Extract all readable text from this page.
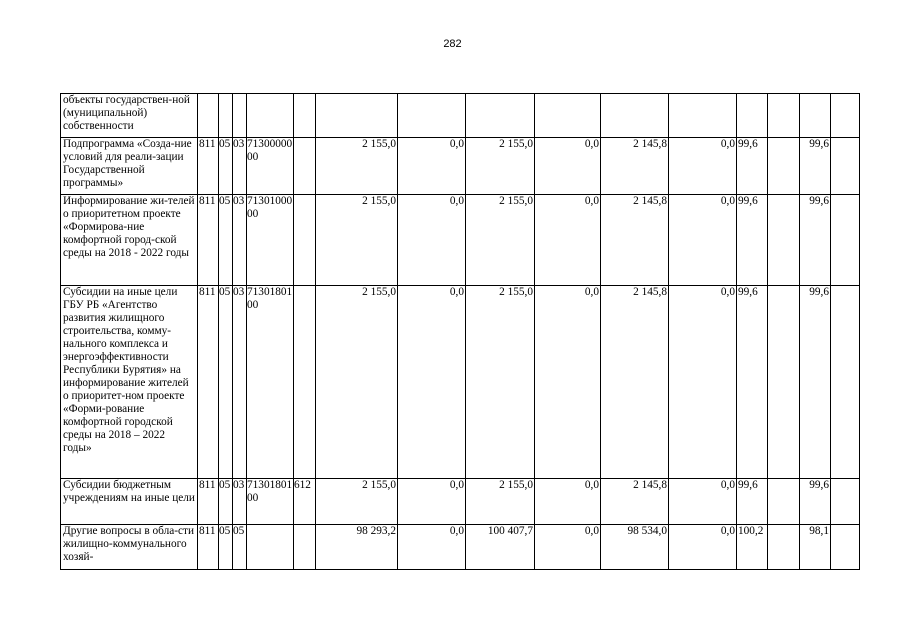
282
объекты государствен-ной (муниципальной) собственности															
Подпрограмма «Созда-ние условий для реали-зации Государственной программы»	811	05	03	7130000000		2 155,0	0,0	2 155,0	0,0	2 145,8	0,0	99,6		99,6	
Информирование жи-телей о приоритетном проекте «Формирова-ние комфортной город-ской среды на 2018 - 2022 годы	811	05	03	7130100000		2 155,0	0,0	2 155,0	0,0	2 145,8	0,0	99,6		99,6	
Субсидии на иные цели ГБУ РБ «Агентство развития жилищного строительства, комму-нального комплекса и энергоэффективности Республики Бурятия» на информирование жителей о приоритет-ном проекте «Форми-рование комфортной городской среды на 2018 – 2022 годы»	811	05	03	7130180100		2 155,0	0,0	2 155,0	0,0	2 145,8	0,0	99,6		99,6	
Субсидии бюджетным учреждениям на иные цели	811	05	03	7130180100	612	2 155,0	0,0	2 155,0	0,0	2 145,8	0,0	99,6		99,6	
Другие вопросы в обла-сти жилищно-коммунального хозяй-	811	05	05			98 293,2	0,0	100 407,7	0,0	98 534,0	0,0	100,2		98,1	
